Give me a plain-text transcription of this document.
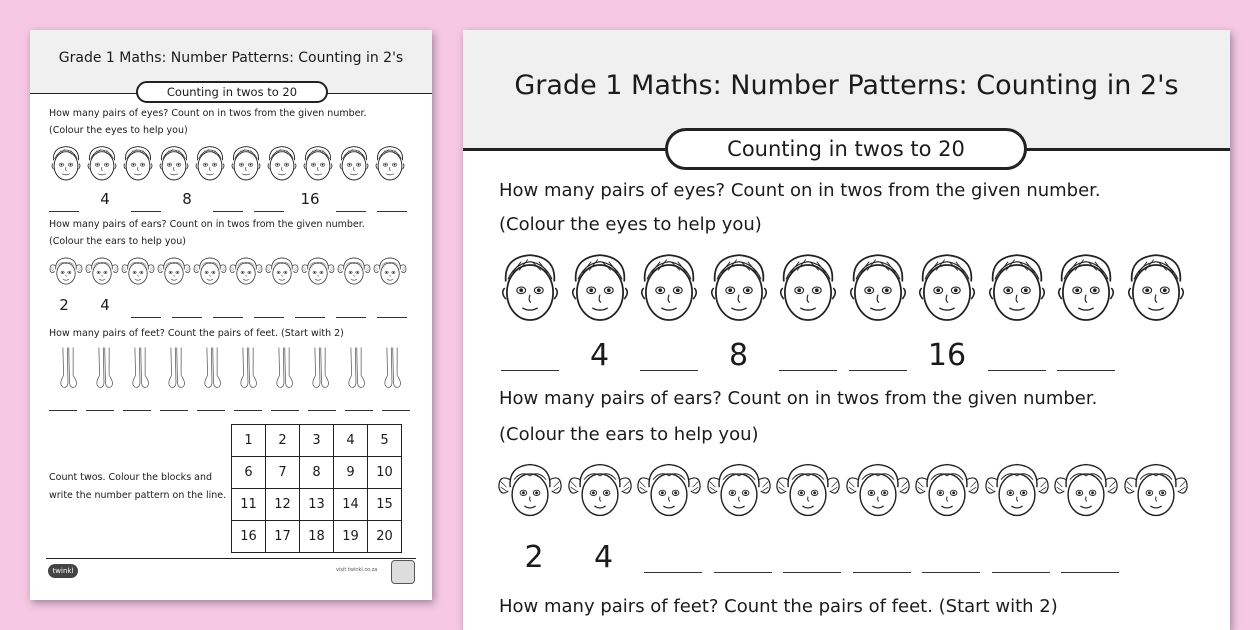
Grade 1 Maths: Number Patterns: Counting in 2's
Counting in twos to 20
How many pairs of eyes? Count on in twos from the given number.
(Colour the eyes to help you)
4	8	16
How many pairs of ears? Count on in twos from the given number.
(Colour the ears to help you)
2	4
How many pairs of feet? Count the pairs of feet. (Start with 2)
Count twos. Colour the blocks and
write the number pattern on the line.
1	2	3	4	5
6	7	8	9	10
11	12	13	14	15
16	17	18	19	20
twinkl	visit twinkl.co.za
Grade 1 Maths: Number Patterns: Counting in 2's
Counting in twos to 20
How many pairs of eyes? Count on in twos from the given number.
(Colour the eyes to help you)
4	8	16
How many pairs of ears? Count on in twos from the given number.
(Colour the ears to help you)
2	4
How many pairs of feet? Count the pairs of feet. (Start with 2)
